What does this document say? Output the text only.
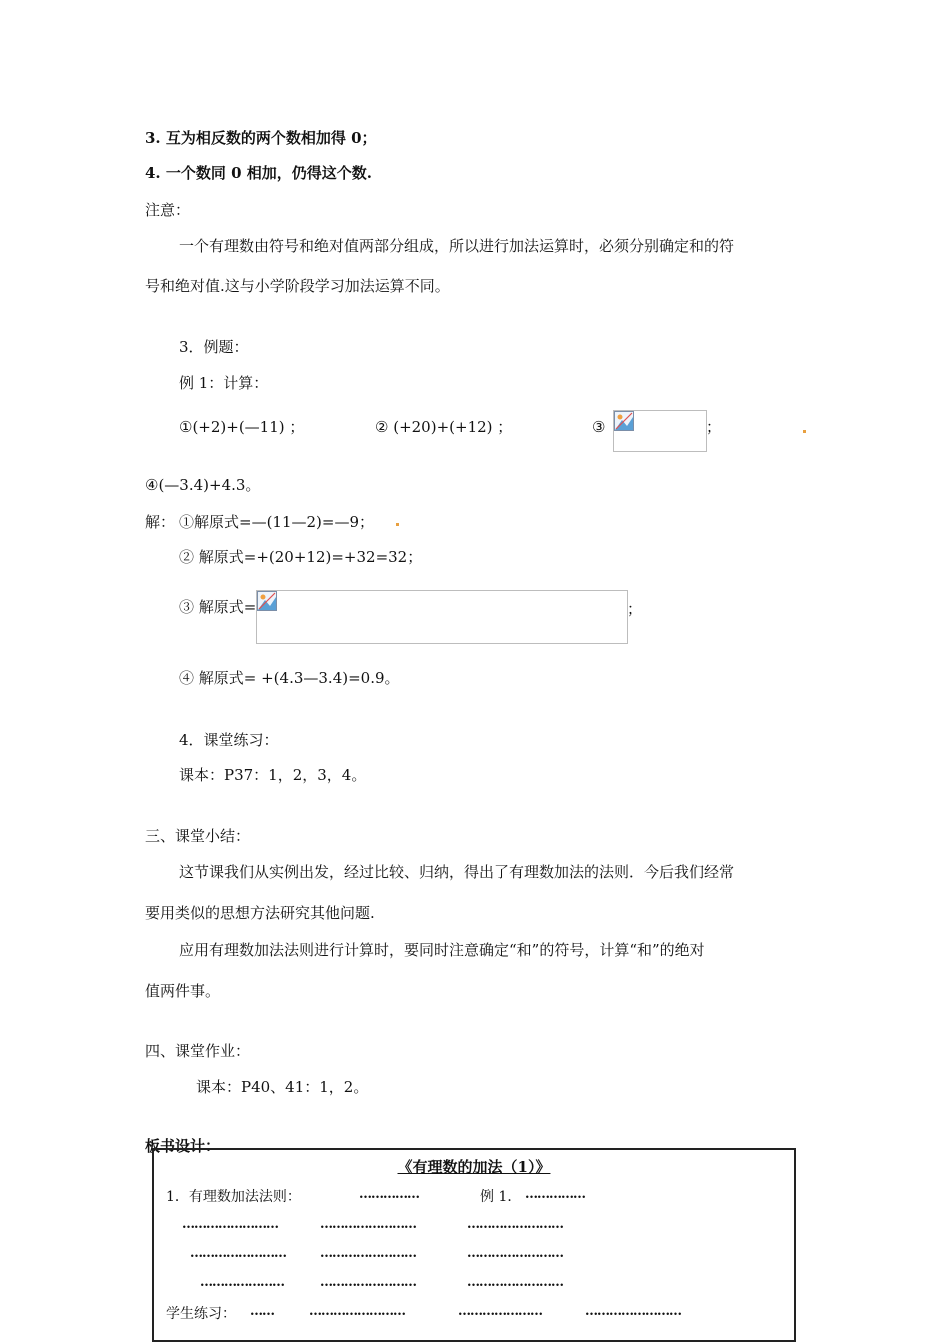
3. 互为相反数的两个数相加得 0；
4. 一个数同 0 相加，仍得这个数.
注意：
一个有理数由符号和绝对值两部分组成，所以进行加法运算时，必须分别确定和的符
号和绝对值.这与小学阶段学习加法运算不同。
3．例题：
例 1：计算：
①(+2)+(—11) ；	② (+20)+(+12) ；	③	；
④(—3.4)+4.3。
解： ①解原式=—(11—2)=—9；
② 解原式=+(20+12)=+32=32；
③ 解原式=	；
④ 解原式= +(4.3—3.4)=0.9。
4．课堂练习：
课本：P37：1，2，3，4。
三、课堂小结：
这节课我们从实例出发，经过比较、归纳，得出了有理数加法的法则．今后我们经常
要用类似的思想方法研究其他问题.
应用有理数加法法则进行计算时，要同时注意确定“和”的符号，计算“和”的绝对
值两件事。
四、课堂作业：
课本：P40、41：1，2。
板书设计：
《有理数的加法（1）》
1．有理数加法法则：	……………	例 1． ……………
……………………	……………………	……………………
……………………	……………………	……………………
…………………	……………………	……………………
学生练习： ……	……………………	…………………	……………………
